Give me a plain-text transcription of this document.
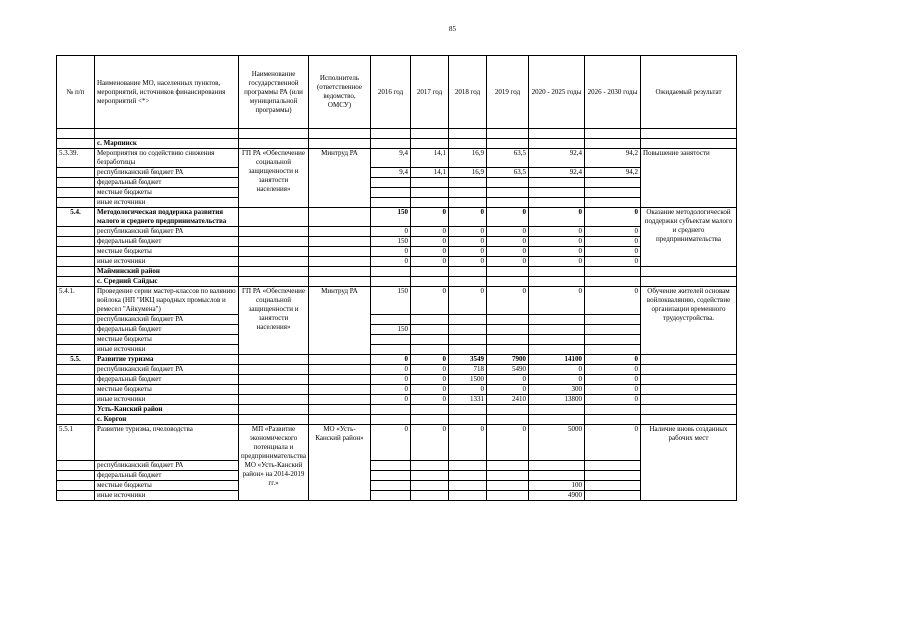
85
№ п/п	Наименование МО, населенных пунктов, мероприятий, источников финансирования мероприятий <*>	Наименование государственной программы РА (или муниципальной программы)	Исполнитель (ответственное ведомство, ОМСУ)	2016 год	2017 год	2018 год	2019 год	2020 - 2025 годы	2026 - 2030 годы	Ожидаемый результат

	с. Марпинск									
5.3.39.	Мероприятия по содействию снижения безработицы	ГП РА «Обеспечение социальной защищенности и занятости населения»	Минтруд РА	9,4	14,1	16,9	63,5	92,4	94,2	Повышение занятости
	республиканский бюджет РА			9,4	14,1	16,9	63,5	92,4	94,2	
	федеральный бюджет									
	местные бюджеты									
	иные источники									
5.4.	Методологическая поддержка развития малого и среднего предпринимательства			150	0	0	0	0	0	Оказание методологической поддержки субъектам малого и среднего предпринимательства
	республиканский бюджет РА			0	0	0	0	0	0	
	федеральный бюджет			150	0	0	0	0	0	
	местные бюджеты			0	0	0	0	0	0	
	иные источники			0	0	0	0	0	0	
	Майминский район									
	с. Средний Сайдыс									
5.4.1.	Проведение серии мастер-классов по валянию войлока (НП "ИКЦ народных промыслов и ремесел "Айкумена")	ГП РА «Обеспечение социальной защищенности и занятости населения»	Минтруд РА	150	0	0	0	0	0	Обучение жителей основам войлоквалянию, содействие организации временного трудоустройства.
	республиканский бюджет РА									
	федеральный бюджет			150						
	местные бюджеты									
	иные источники									
5.5.	Развитие туризма			0	0	3549	7900	14100	0	
	республиканский бюджет РА			0	0	718	5490	0	0	
	федеральный бюджет			0	0	1500	0	0	0	
	местные бюджеты			0	0	0	0	300	0	
	иные источники			0	0	1331	2410	13800	0	
	Усть-Канский район									
	с. Коргон									
5.5.1	Развитие туризма, пчеловодства	МП «Развитие экономического потенциала и предпринимательства МО «Усть-Канский район» на 2014-2019 гг.»	МО «Усть-Канский район»	0	0	0	0	5000	0	Наличие вновь созданных рабочих мест
	республиканский бюджет РА									
	федеральный бюджет									
	местные бюджеты							100		
	иные источники							4900		
